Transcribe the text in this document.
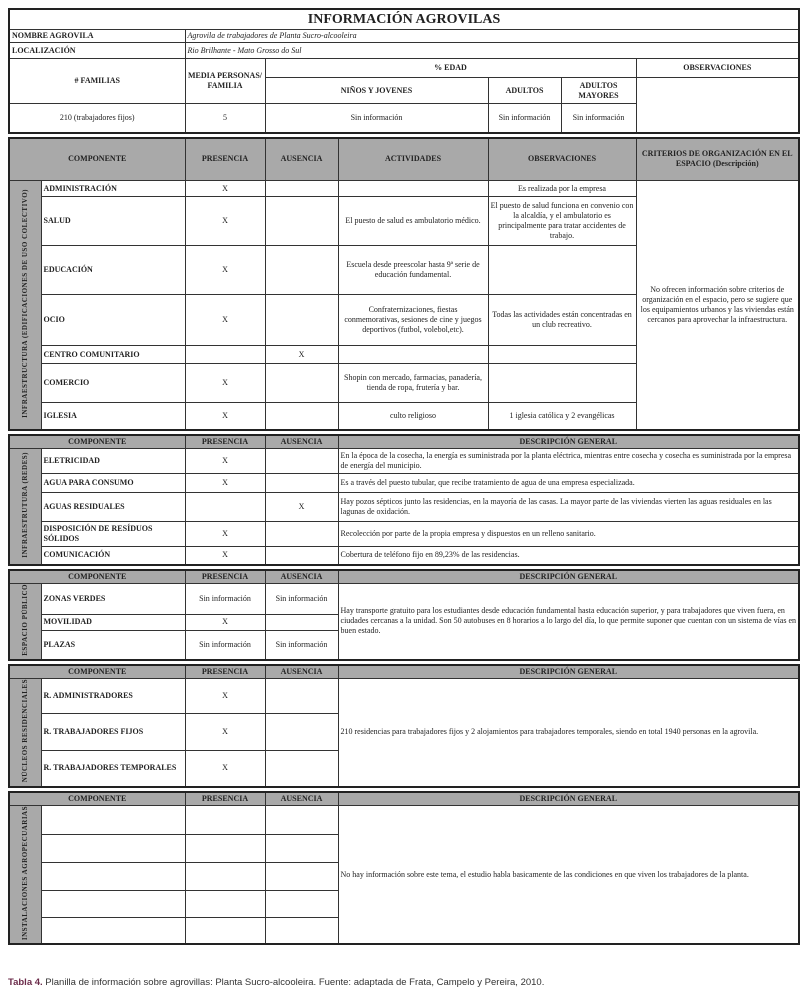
INFORMACIÓN AGROVILAS					
NOMBRE AGROVILA	Agrovila de trabajadores de Planta Sucro-alcooleira				
LOCALIZACIÓN	Rio Brilhante - Mato Grosso do Sul				
# FAMILIAS	MEDIA PERSONAS/ FAMILIA	% EDAD			OBSERVACIONES
		NIÑOS Y JOVENES	ADULTOS	ADULTOS MAYORES	
210 (trabajadores fijos)	5	Sin información	Sin información	Sin información	
COMPONENTE		PRESENCIA	AUSENCIA	ACTIVIDADES	OBSERVACIONES	CRITERIOS DE ORGANIZACIÓN EN EL ESPACIO (Descripción)
INFRAESTRUCTURA (EDIFICACIONES DE USO COLECTIVO)	ADMINISTRACIÓN	X			Es realizada por la empresa	No ofrecen información sobre criterios de organización en el espacio, pero se sugiere que los equipamientos urbanos y las viviendas están cercanos para aprovechar la infraestructura.
	SALUD	X		El puesto de salud es ambulatorio médico.	El puesto de salud funciona en convenio con la alcaldía, y el ambulatorio es principalmente para tratar accidentes de trabajo.	
	EDUCACIÓN	X		Escuela desde preescolar hasta 9ª serie de educación fundamental.		
	OCIO	X		Confraternizaciones, fiestas conmemorativas, sesiones de cine y juegos deportivos (futbol, volebol,etc).	Todas las actividades están concentradas en un club recreativo.	
	CENTRO COMUNITARIO		X			
	COMERCIO	X		Shopin con mercado, farmacias, panadería, tienda de ropa, frutería y bar.		
	IGLESIA	X		culto religioso	1 iglesia católica y 2 evangélicas	
COMPONENTE		PRESENCIA	AUSENCIA	DESCRIPCIÓN GENERAL
INFRAESTRUTURA (REDES)	ELETRICIDAD	X		En la época de la cosecha, la energía es suministrada por la planta eléctrica, mientras entre cosecha y cosecha es suministrada por la empresa de energía del municipio.
	AGUA PARA CONSUMO	X		Es a través del puesto tubular, que recibe tratamiento de agua de una empresa especializada.
	AGUAS RESIDUALES		X	Hay pozos sépticos junto las residencias, en la mayoría de las casas. La mayor parte de las viviendas vierten las aguas residuales en las lagunas de oxidación.
	DISPOSICIÓN DE RESÍDUOS SÓLIDOS	X		Recolección por parte de la propia empresa y dispuestos en un relleno sanitario.
	COMUNICACIÓN	X		Cobertura de teléfono fijo en 89,23% de las residencias.
COMPONENTE		PRESENCIA	AUSENCIA	DESCRIPCIÓN GENERAL
ESPACIO PÚBLICO	ZONAS VERDES	Sin información	Sin información	Hay transporte gratuito para los estudiantes desde educación fundamental hasta educación superior, y para trabajadores que viven fuera, en ciudades cercanas a la unidad. Son 50 autobuses en 8 horarios a lo largo del día, lo que permite suponer que cuentan con un sistema de vías en buen estado.
	MOVILIDAD	X		
	PLAZAS	Sin información	Sin información	
COMPONENTE		PRESENCIA	AUSENCIA	DESCRIPCIÓN GENERAL
NÚCLEOS RESIDENCIALES	R. ADMINISTRADORES	X		210 residencias para trabajadores fijos y 2 alojamientos para trabajadores temporales, siendo en total 1940 personas en la agrovila.
	R. TRABAJADORES FIJOS	X		
	R. TRABAJADORES TEMPORALES	X		
COMPONENTE		PRESENCIA	AUSENCIA	DESCRIPCIÓN GENERAL
INSTALACIONES AGROPECUARIAS				No hay información sobre este tema, el estudio habla basicamente de las condiciones en que viven los trabajadores de la planta.

Tabla 4. Planilla de información sobre agrovillas: Planta Sucro-alcooleira. Fuente: adaptada de Frata, Campelo y Pereira, 2010.
